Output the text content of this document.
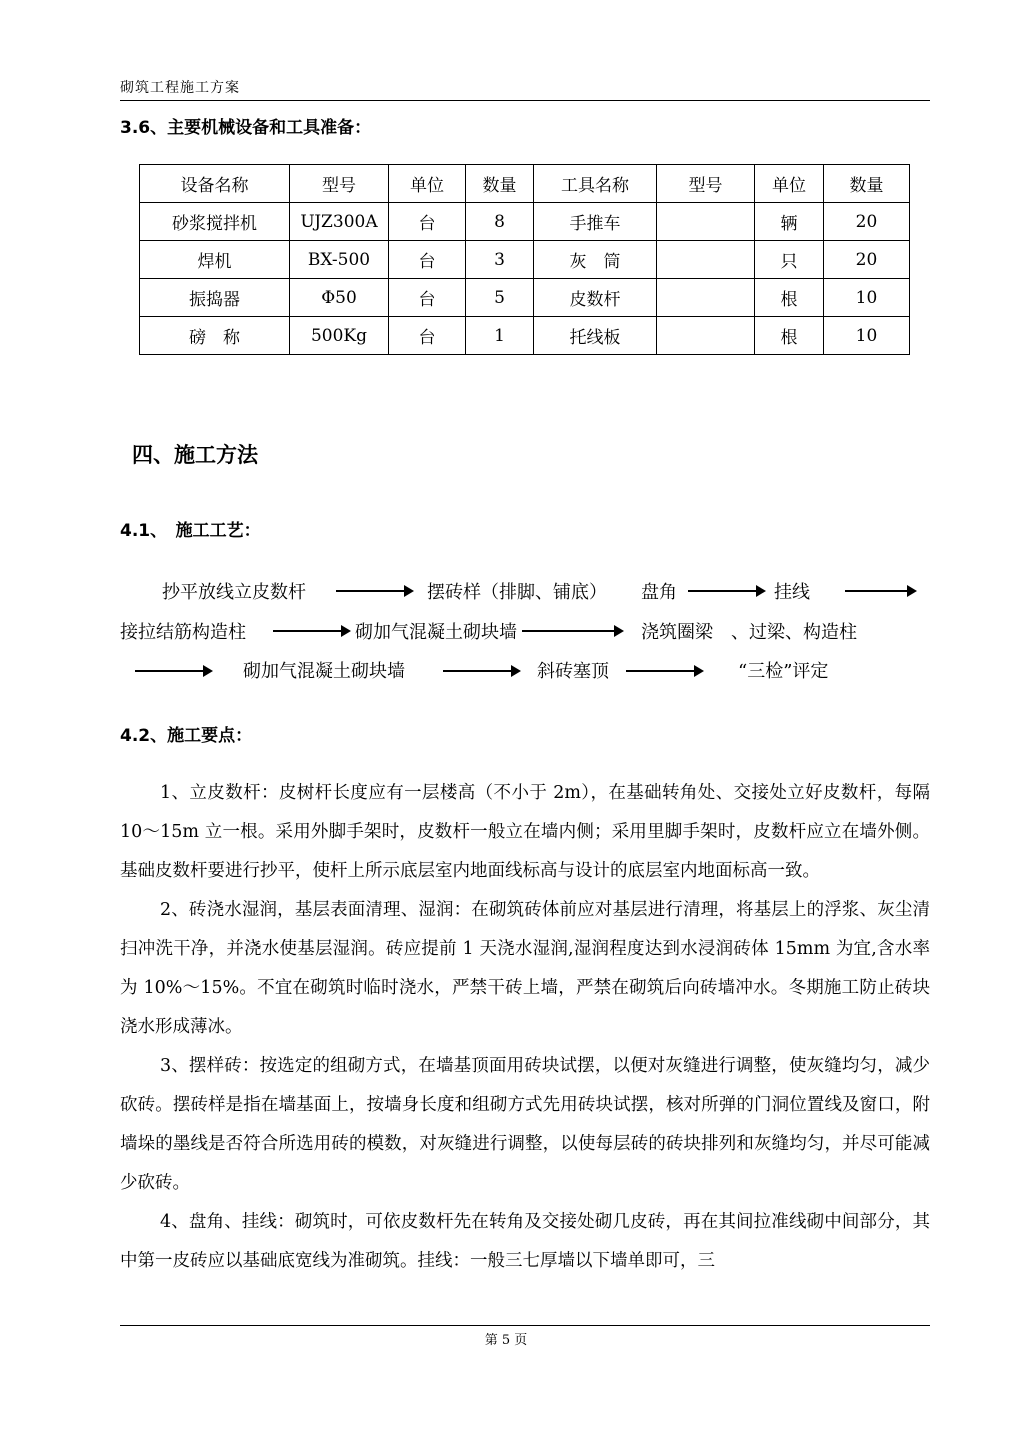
砌筑工程施工方案
3.6、主要机械设备和工具准备：
设备名称	型号	单位	数量	工具名称	型号	单位	数量
砂浆搅拌机	UJZ300A	台	8	手推车		辆	20
焊机	BX-500	台	3	灰　筒		只	20
振捣器	Φ50	台	5	皮数杆		根	10
磅　称	500Kg	台	1	托线板		根	10
四、施工方法
4.1、　施工工艺：
抄平放线立皮数杆	摆砖样（排脚、铺底） 盘角	挂线
接拉结筋构造柱	砌加气混凝土砌块墙	浇筑圈梁　、过梁、构造柱
砌加气混凝土砌块墙	斜砖塞顶	“三检”评定
4.2、施工要点：

1、立皮数杆：皮树杆长度应有一层楼高（不小于 2m），在基础转角处、交接处立好皮数杆，每隔 10～15m 立一根。采用外脚手架时，皮数杆一般立在墙内侧；采用里脚手架时，皮数杆应立在墙外侧。基础皮数杆要进行抄平，使杆上所示底层室内地面线标高与设计的底层室内地面标高一致。

2、砖浇水湿润，基层表面清理、湿润：在砌筑砖体前应对基层进行清理，将基层上的浮浆、灰尘清扫冲洗干净，并浇水使基层湿润。砖应提前 1 天浇水湿润,湿润程度达到水浸润砖体 15mm 为宜,含水率为 10%～15%。不宜在砌筑时临时浇水，严禁干砖上墙，严禁在砌筑后向砖墙冲水。冬期施工防止砖块浇水形成薄冰。

3、摆样砖：按选定的组砌方式，在墙基顶面用砖块试摆，以便对灰缝进行调整，使灰缝均匀，减少砍砖。摆砖样是指在墙基面上，按墙身长度和组砌方式先用砖块试摆，核对所弹的门洞位置线及窗口，附墙垛的墨线是否符合所选用砖的模数，对灰缝进行调整，以使每层砖的砖块排列和灰缝均匀，并尽可能减少砍砖。

4、盘角、挂线：砌筑时，可依皮数杆先在转角及交接处砌几皮砖，再在其间拉准线砌中间部分，其中第一皮砖应以基础底宽线为准砌筑。挂线：一般三七厚墙以下墙单即可，三

第 5 页
